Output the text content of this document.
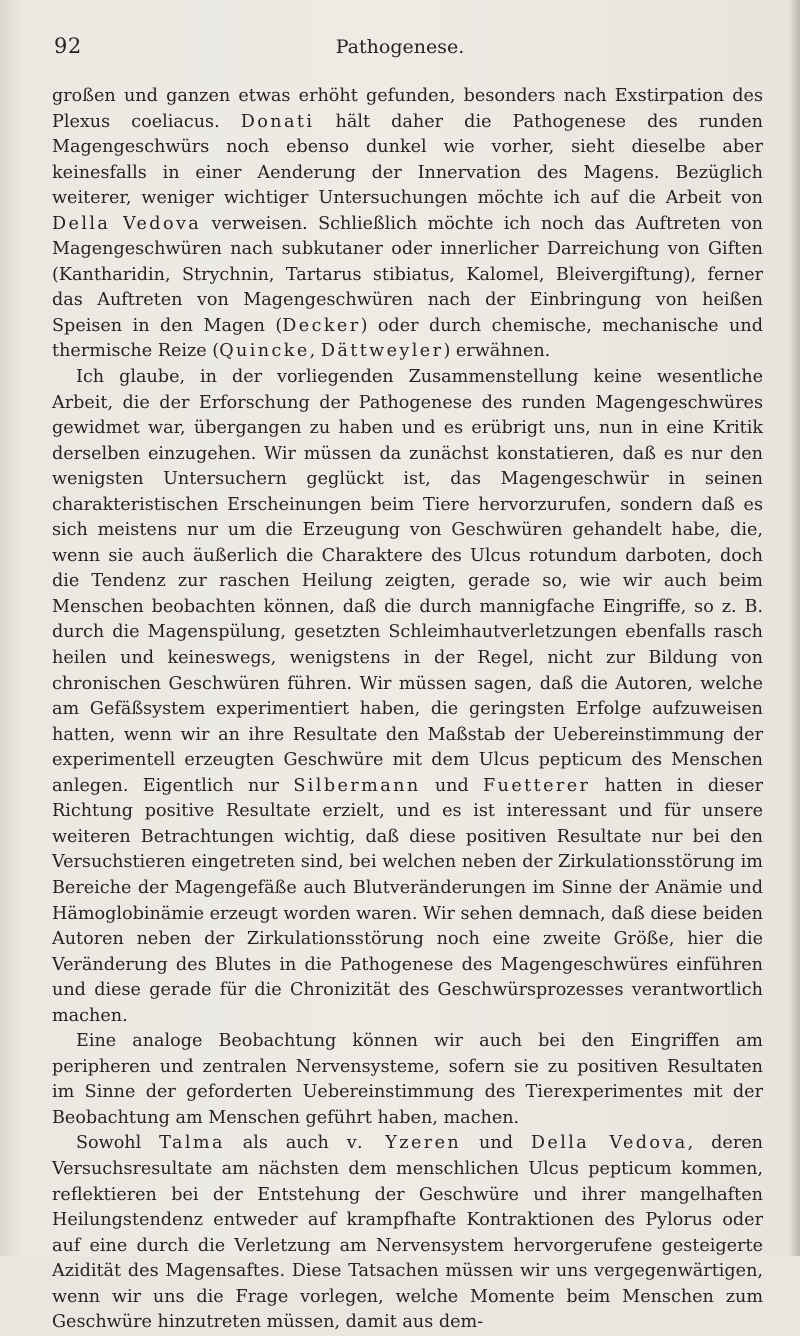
92	Pathogenese.

großen und ganzen etwas erhöht gefunden, besonders nach Exstirpation des Plexus coeliacus. Donati hält daher die Pathogenese des runden Magengeschwürs noch ebenso dunkel wie vorher, sieht dieselbe aber keinesfalls in einer Aenderung der Innervation des Magens. Bezüglich weiterer, weniger wichtiger Untersuchungen möchte ich auf die Arbeit von Della Vedova verweisen. Schließlich möchte ich noch das Auftreten von Magengeschwüren nach subkutaner oder innerlicher Darreichung von Giften (Kantharidin, Strychnin, Tartarus stibiatus, Kalomel, Bleivergiftung), ferner das Auftreten von Magengeschwüren nach der Einbringung von heißen Speisen in den Magen (Decker) oder durch chemische, mechanische und thermische Reize (Quincke, Dättweyler) erwähnen.

Ich glaube, in der vorliegenden Zusammenstellung keine wesentliche Arbeit, die der Erforschung der Pathogenese des runden Magengeschwüres gewidmet war, übergangen zu haben und es erübrigt uns, nun in eine Kritik derselben einzugehen. Wir müssen da zunächst konstatieren, daß es nur den wenigsten Untersuchern geglückt ist, das Magengeschwür in seinen charakteristischen Erscheinungen beim Tiere hervorzurufen, sondern daß es sich meistens nur um die Erzeugung von Geschwüren gehandelt habe, die, wenn sie auch äußerlich die Charaktere des Ulcus rotundum darboten, doch die Tendenz zur raschen Heilung zeigten, gerade so, wie wir auch beim Menschen beobachten können, daß die durch mannigfache Eingriffe, so z. B. durch die Magenspülung, gesetzten Schleimhautverletzungen ebenfalls rasch heilen und keineswegs, wenigstens in der Regel, nicht zur Bildung von chronischen Geschwüren führen. Wir müssen sagen, daß die Autoren, welche am Gefäßsystem experimentiert haben, die geringsten Erfolge aufzuweisen hatten, wenn wir an ihre Resultate den Maßstab der Uebereinstimmung der experimentell erzeugten Geschwüre mit dem Ulcus pepticum des Menschen anlegen. Eigentlich nur Silbermann und Fuetterer hatten in dieser Richtung positive Resultate erzielt, und es ist interessant und für unsere weiteren Betrachtungen wichtig, daß diese positiven Resultate nur bei den Versuchstieren eingetreten sind, bei welchen neben der Zirkulationsstörung im Bereiche der Magengefäße auch Blutveränderungen im Sinne der Anämie und Hämoglobinämie erzeugt worden waren. Wir sehen demnach, daß diese beiden Autoren neben der Zirkulationsstörung noch eine zweite Größe, hier die Veränderung des Blutes in die Pathogenese des Magengeschwüres einführen und diese gerade für die Chronizität des Geschwürsprozesses verantwortlich machen.

Eine analoge Beobachtung können wir auch bei den Eingriffen am peripheren und zentralen Nervensysteme, sofern sie zu positiven Resultaten im Sinne der geforderten Uebereinstimmung des Tierexperimentes mit der Beobachtung am Menschen geführt haben, machen.

Sowohl Talma als auch v. Yzeren und Della Vedova, deren Versuchsresultate am nächsten dem menschlichen Ulcus pepticum kommen, reflektieren bei der Entstehung der Geschwüre und ihrer mangelhaften Heilungstendenz entweder auf krampfhafte Kontraktionen des Pylorus oder auf eine durch die Verletzung am Nervensystem hervorgerufene gesteigerte Azidität des Magensaftes. Diese Tatsachen müssen wir uns vergegenwärtigen, wenn wir uns die Frage vorlegen, welche Momente beim Menschen zum Geschwüre hinzutreten müssen, damit aus dem-
